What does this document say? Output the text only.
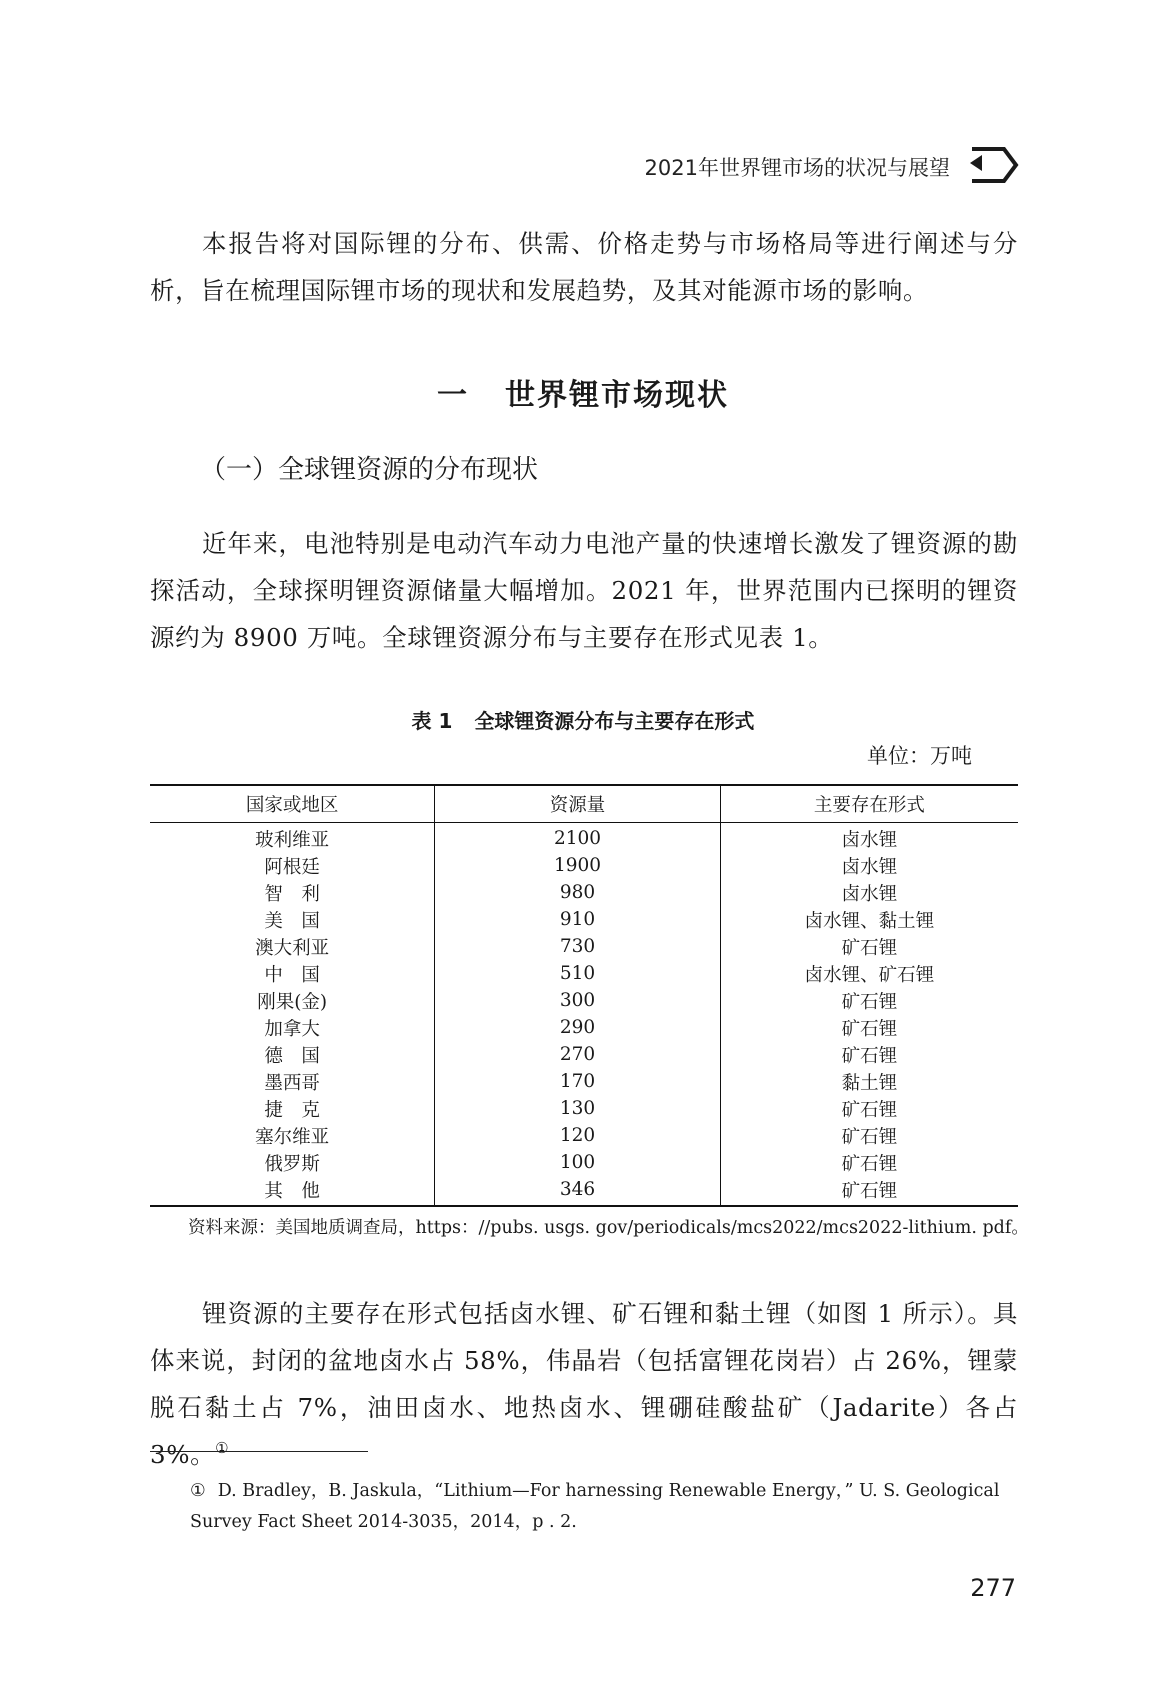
2021年世界锂市场的状况与展望

本报告将对国际锂的分布、供需、价格走势与市场格局等进行阐述与分析，旨在梳理国际锂市场的现状和发展趋势，及其对能源市场的影响。

一 世界锂市场现状
（一）全球锂资源的分布现状

近年来，电池特别是电动汽车动力电池产量的快速增长激发了锂资源的勘探活动，全球探明锂资源储量大幅增加。2021 年，世界范围内已探明的锂资源约为 8900 万吨。全球锂资源分布与主要存在形式见表 1。

表 1 全球锂资源分布与主要存在形式
单位：万吨
国家或地区	资源量	主要存在形式
玻利维亚	2100	卤水锂
阿根廷	1900	卤水锂
智　利	980	卤水锂
美　国	910	卤水锂、黏土锂
澳大利亚	730	矿石锂
中　国	510	卤水锂、矿石锂
刚果(金)	300	矿石锂
加拿大	290	矿石锂
德　国	270	矿石锂
墨西哥	170	黏土锂
捷　克	130	矿石锂
塞尔维亚	120	矿石锂
俄罗斯	100	矿石锂
其　他	346	矿石锂
资料来源：美国地质调查局，https：//pubs. usgs. gov/periodicals/mcs2022/mcs2022-lithium. pdf。

锂资源的主要存在形式包括卤水锂、矿石锂和黏土锂（如图 1 所示）。具体来说，封闭的盆地卤水占 58%，伟晶岩（包括富锂花岗岩）占 26%，锂蒙脱石黏土占 7%，油田卤水、地热卤水、锂硼硅酸盐矿（Jadarite）各占 3%。①

① D. Bradley，B. Jaskula，“Lithium—For harnessing Renewable Energy，” U. S. Geological Survey Fact Sheet 2014-3035，2014，p . 2.

277
